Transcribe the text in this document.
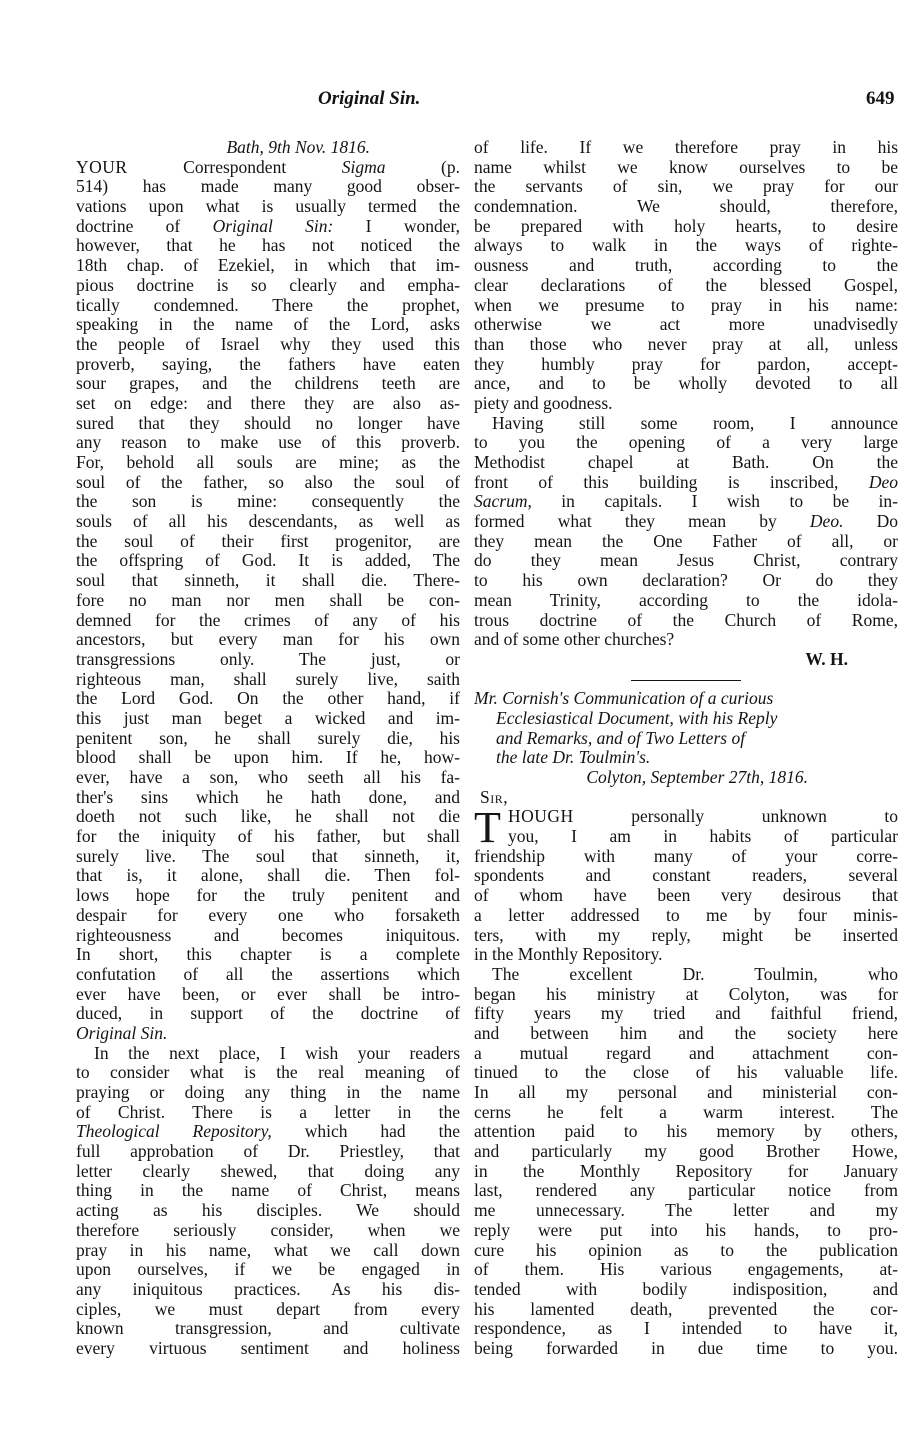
Original Sin.	649
Bath, 9th Nov. 1816.
YOUR Correspondent Sigma (p.
514) has made many good obser-
vations upon what is usually termed the
doctrine of Original Sin: I wonder,
however, that he has not noticed the
18th chap. of Ezekiel, in which that im-
pious doctrine is so clearly and empha-
tically condemned. There the prophet,
speaking in the name of the Lord, asks
the people of Israel why they used this
proverb, saying, the fathers have eaten
sour grapes, and the childrens teeth are
set on edge: and there they are also as-
sured that they should no longer have
any reason to make use of this proverb.
For, behold all souls are mine; as the
soul of the father, so also the soul of
the son is mine: consequently the
souls of all his descendants, as well as
the soul of their first progenitor, are
the offspring of God. It is added, The
soul that sinneth, it shall die. There-
fore no man nor men shall be con-
demned for the crimes of any of his
ancestors, but every man for his own
transgressions only. The just, or
righteous man, shall surely live, saith
the Lord God. On the other hand, if
this just man beget a wicked and im-
penitent son, he shall surely die, his
blood shall be upon him. If he, how-
ever, have a son, who seeth all his fa-
ther's sins which he hath done, and
doeth not such like, he shall not die
for the iniquity of his father, but shall
surely live. The soul that sinneth, it,
that is, it alone, shall die. Then fol-
lows hope for the truly penitent and
despair for every one who forsaketh
righteousness and becomes iniquitous.
In short, this chapter is a complete
confutation of all the assertions which
ever have been, or ever shall be intro-
duced, in support of the doctrine of
Original Sin.
In the next place, I wish your readers
to consider what is the real meaning of
praying or doing any thing in the name
of Christ. There is a letter in the
Theological Repository, which had the
full approbation of Dr. Priestley, that
letter clearly shewed, that doing any
thing in the name of Christ, means
acting as his disciples. We should
therefore seriously consider, when we
pray in his name, what we call down
upon ourselves, if we be engaged in
any iniquitous practices. As his dis-
ciples, we must depart from every
known transgression, and cultivate
every virtuous sentiment and holiness
of life. If we therefore pray in his
name whilst we know ourselves to be
the servants of sin, we pray for our
condemnation. We should, therefore,
be prepared with holy hearts, to desire
always to walk in the ways of righte-
ousness and truth, according to the
clear declarations of the blessed Gospel,
when we presume to pray in his name:
otherwise we act more unadvisedly
than those who never pray at all, unless
they humbly pray for pardon, accept-
ance, and to be wholly devoted to all
piety and goodness.
Having still some room, I announce
to you the opening of a very large
Methodist chapel at Bath. On the
front of this building is inscribed, Deo
Sacrum, in capitals. I wish to be in-
formed what they mean by Deo. Do
they mean the One Father of all, or
do they mean Jesus Christ, contrary
to his own declaration? Or do they
mean Trinity, according to the idola-
trous doctrine of the Church of Rome,
and of some other churches?
W. H.
Mr. Cornish's Communication of a curious
Ecclesiastical Document, with his Reply
and Remarks, and of Two Letters of
the late Dr. Toulmin's.
Colyton, September 27th, 1816.
Sir,
T HOUGH personally unknown to
you, I am in habits of particular
friendship with many of your corre-
spondents and constant readers, several
of whom have been very desirous that
a letter addressed to me by four minis-
ters, with my reply, might be inserted
in the Monthly Repository.
The excellent Dr. Toulmin, who
began his ministry at Colyton, was for
fifty years my tried and faithful friend,
and between him and the society here
a mutual regard and attachment con-
tinued to the close of his valuable life.
In all my personal and ministerial con-
cerns he felt a warm interest. The
attention paid to his memory by others,
and particularly my good Brother Howe,
in the Monthly Repository for January
last, rendered any particular notice from
me unnecessary. The letter and my
reply were put into his hands, to pro-
cure his opinion as to the publication
of them. His various engagements, at-
tended with bodily indisposition, and
his lamented death, prevented the cor-
respondence, as I intended to have it,
being forwarded in due time to you.
